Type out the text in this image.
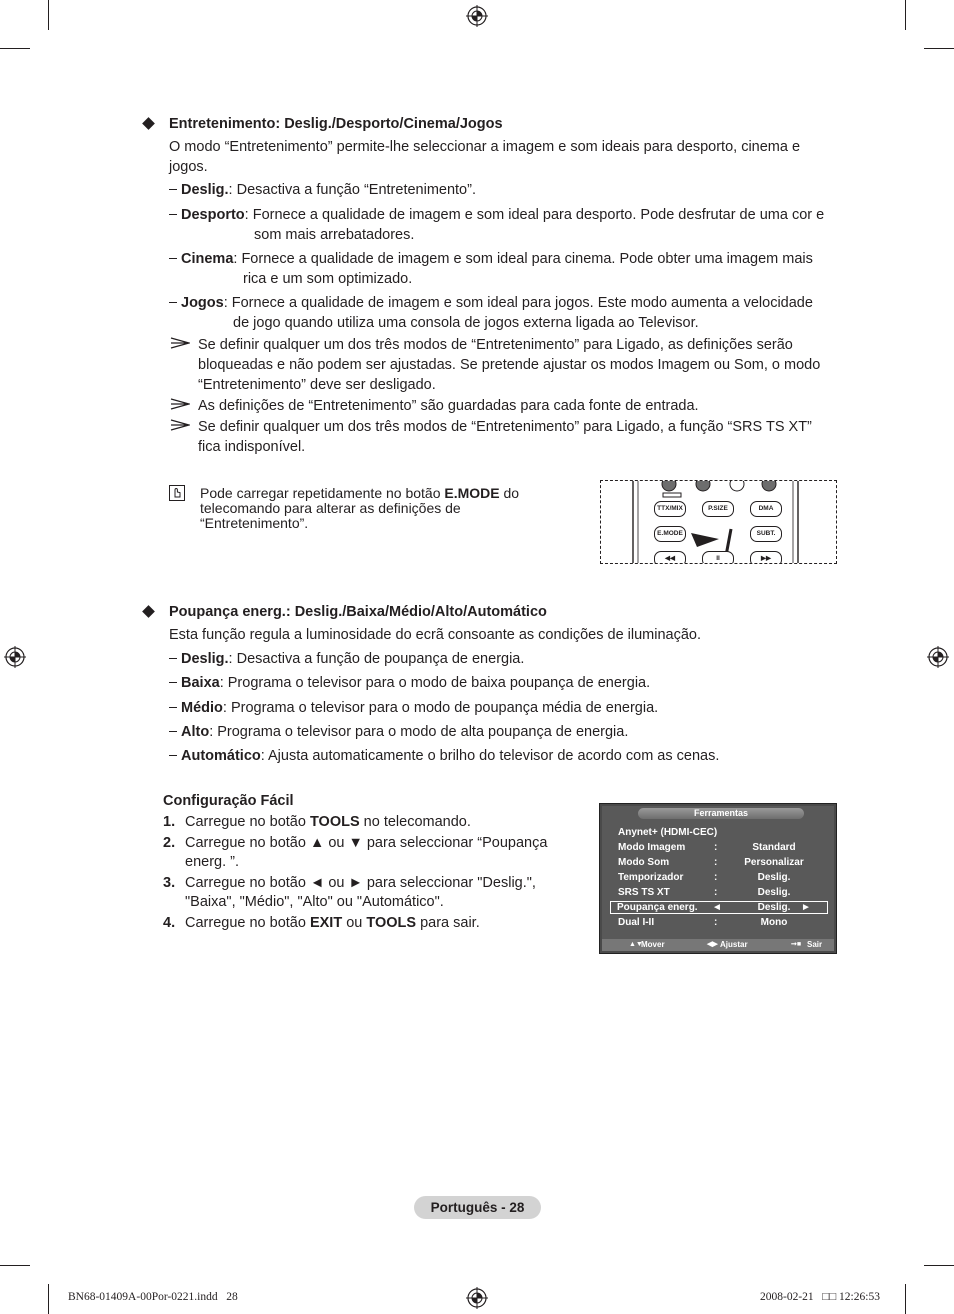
Entretenimento: Deslig./Desporto/Cinema/Jogos
O modo “Entretenimento” permite-lhe seleccionar a imagem e som ideais para desporto, cinema e
jogos.
Deslig.: Desactiva a função “Entretenimento”.
Desporto: Fornece a qualidade de imagem e som ideal para desporto. Pode desfrutar de uma cor e
som mais arrebatadores.
Cinema: Fornece a qualidade de imagem e som ideal para cinema. Pode obter uma imagem mais
rica e um som optimizado.
Jogos: Fornece a qualidade de imagem e som ideal para jogos. Este modo aumenta a velocidade
de jogo quando utiliza uma consola de jogos externa ligada ao Televisor.
Se definir qualquer um dos três modos de “Entretenimento” para Ligado, as definições serão
bloqueadas e não podem ser ajustadas. Se pretende ajustar os modos Imagem ou Som, o modo
“Entretenimento” deve ser desligado.
As definições de “Entretenimento” são guardadas para cada fonte de entrada.
Se definir qualquer um dos três modos de “Entretenimento” para Ligado, a função “SRS TS XT”
fica indisponível.
Pode carregar repetidamente no botão E.MODE do
telecomando para alterar as definições de
“Entretenimento”.
TTX/MIX	P.SIZE	DMA
E.MODE	SUBT.
◀◀	II	▶▶
Poupança energ.: Deslig./Baixa/Médio/Alto/Automático
Esta função regula a luminosidade do ecrã consoante as condições de iluminação.
Deslig.: Desactiva a função de poupança de energia.
Baixa: Programa o televisor para o modo de baixa poupança de energia.
Médio: Programa o televisor para o modo de poupança média de energia.
Alto: Programa o televisor para o modo de alta poupança de energia.
Automático: Ajusta automaticamente o brilho do televisor de acordo com as cenas.
Configuração Fácil
1. Carregue no botão TOOLS no telecomando.
2. Carregue no botão ▲ ou ▼ para seleccionar “Poupança
energ. ”.
3. Carregue no botão ◄ ou ► para seleccionar "Deslig.",
"Baixa", "Médio", "Alto" ou "Automático".
4. Carregue no botão EXIT ou TOOLS para sair.
Ferramentas
Anynet+ (HDMI-CEC)
Modo Imagem	:	Standard
Modo Som	:	Personalizar
Temporizador	:	Deslig.
SRS TS XT	:	Deslig.
Poupança energ. ◄	Deslig.	►
Dual I-II	:	Mono
▲▼
Mover	◀▶ Ajustar	➞■ Sair
Português - 28
BN68-01409A-00Por-0221.indd   28	2008-02-21   □□ 12:26:53
